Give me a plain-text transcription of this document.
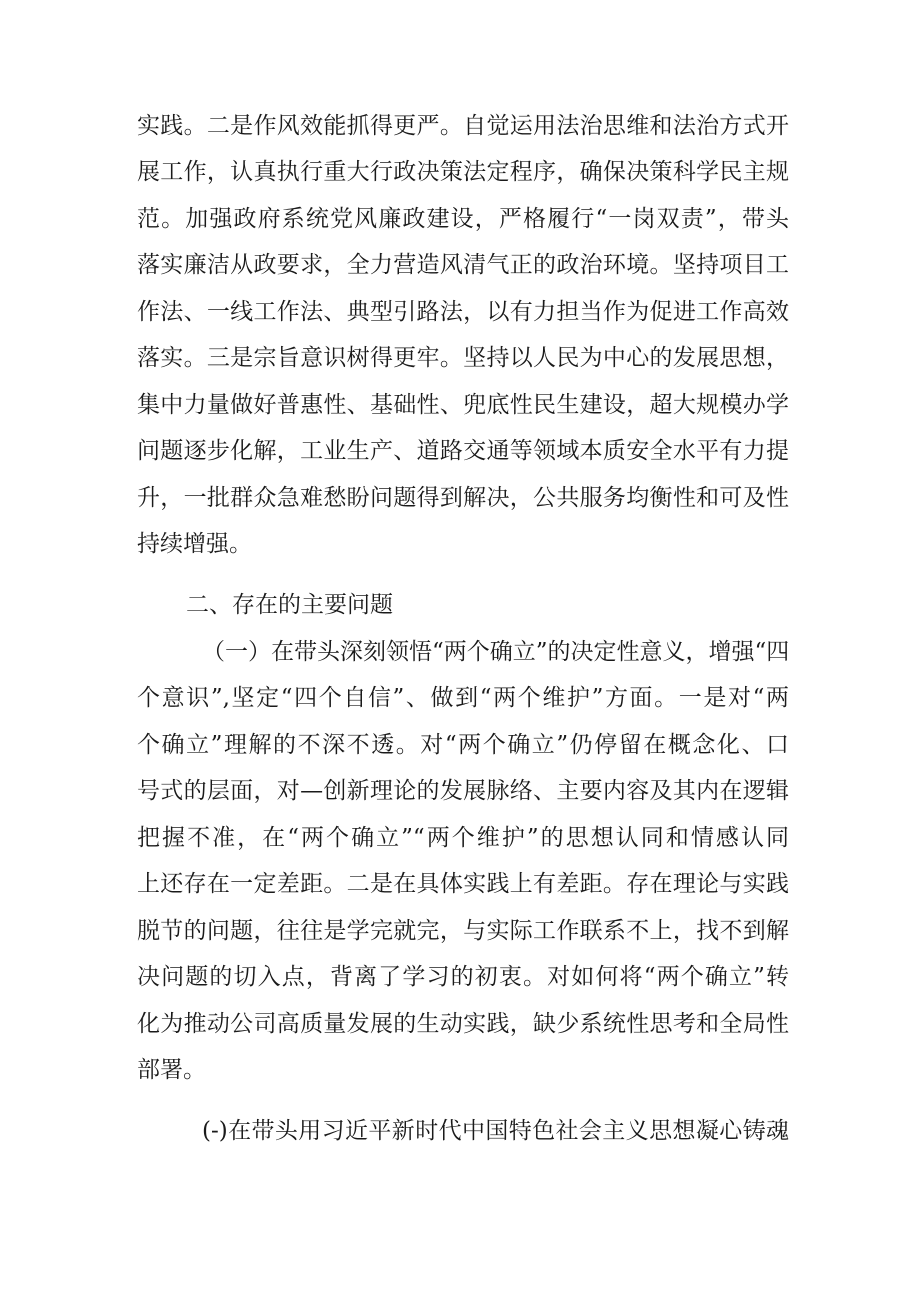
实践。二是作风效能抓得更严。自觉运用法治思维和法治方式开
展工作，认真执行重大行政决策法定程序，确保决策科学民主规
范。加强政府系统党风廉政建设，严格履行“一岗双责”，带头
落实廉洁从政要求，全力营造风清气正的政治环境。坚持项目工
作法、一线工作法、典型引路法，以有力担当作为促进工作高效
落实。三是宗旨意识树得更牢。坚持以人民为中心的发展思想，
集中力量做好普惠性、基础性、兜底性民生建设，超大规模办学
问题逐步化解，工业生产、道路交通等领域本质安全水平有力提
升，一批群众急难愁盼问题得到解决，公共服务均衡性和可及性
持续增强。
二、存在的主要问题
（一）在带头深刻领悟“两个确立”的决定性意义，增强“四
个意识”,坚定“四个自信”、做到“两个维护”方面。一是对“两
个确立”理解的不深不透。对“两个确立”仍停留在概念化、口
号式的层面，对—创新理论的发展脉络、主要内容及其内在逻辑
把握不准，在“两个确立”“两个维护”的思想认同和情感认同
上还存在一定差距。二是在具体实践上有差距。存在理论与实践
脱节的问题，往往是学完就完，与实际工作联系不上，找不到解
决问题的切入点，背离了学习的初衷。对如何将“两个确立”转
化为推动公司高质量发展的生动实践，缺少系统性思考和全局性
部署。
(-)在带头用习近平新时代中国特色社会主义思想凝心铸魂
